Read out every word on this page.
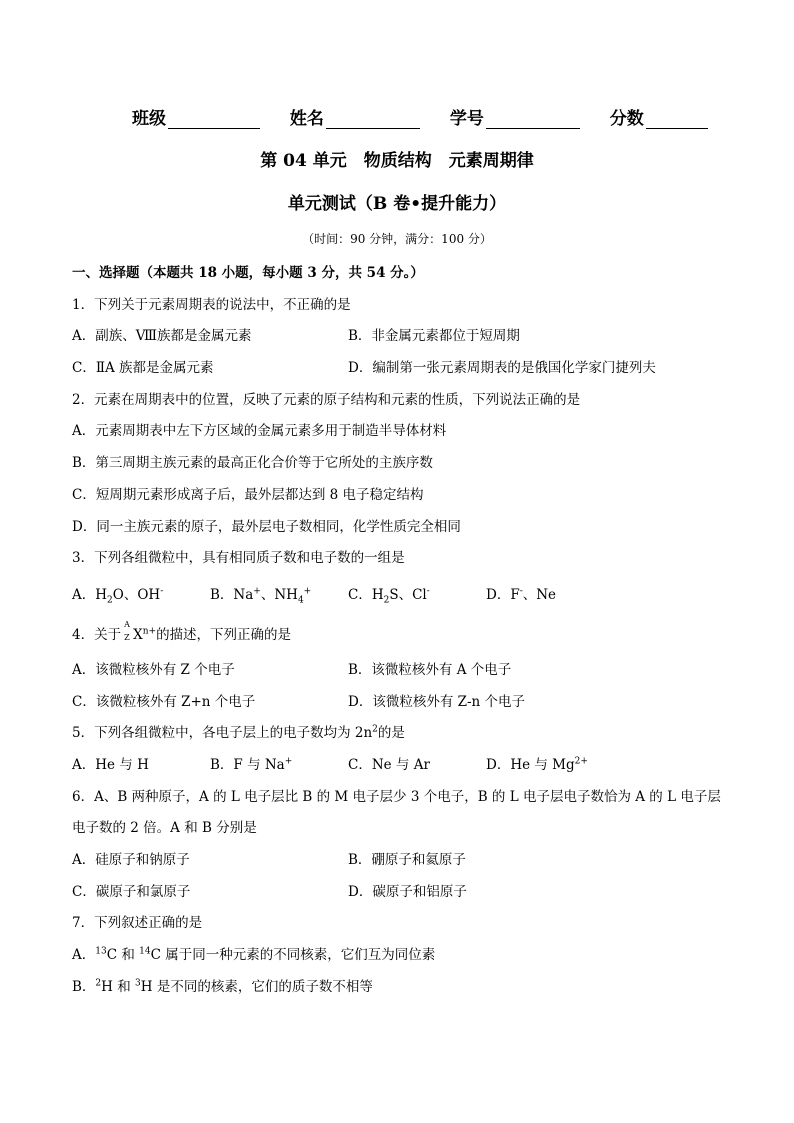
班级	姓名	学号	分数
第 04 单元　物质结构　元素周期律
单元测试（B 卷•提升能力）
（时间：90 分钟，满分：100 分）
一、选择题（本题共 18 小题，每小题 3 分，共 54 分。）
1．下列关于元素周期表的说法中，不正确的是
A．副族、Ⅷ族都是金属元素	B．非金属元素都位于短周期
C．ⅡA 族都是金属元素	D．编制第一张元素周期表的是俄国化学家门捷列夫
2．元素在周期表中的位置，反映了元素的原子结构和元素的性质，下列说法正确的是
A．元素周期表中左下方区域的金属元素多用于制造半导体材料
B．第三周期主族元素的最高正化合价等于它所处的主族序数
C．短周期元素形成离子后，最外层都达到 8 电子稳定结构
D．同一主族元素的原子，最外层电子数相同，化学性质完全相同
3．下列各组微粒中，具有相同质子数和电子数的一组是
A．$H_2O$、OH-	B．Na+、$NH_4^+$	C．$H_2S$、Cl-	D．F-、Ne
4．关于
A
Z $X^{n+}$的描述，下列正确的是
A．该微粒核外有 Z 个电子	B．该微粒核外有 A 个电子
C．该微粒核外有 Z+n 个电子	D．该微粒核外有 Z-n 个电子
5．下列各组微粒中，各电子层上的电子数均为 $2n^2$的是
A．He 与 H	B．F 与 Na+	C．Ne 与 Ar	D．He 与 $Mg^{2+}$
6．A、B 两种原子，A 的 L 电子层比 B 的 M 电子层少 3 个电子，B 的 L 电子层电子数恰为 A 的 L 电子层
电子数的 2 倍。A 和 B 分别是
A．硅原子和钠原子	B．硼原子和氦原子
C．碳原子和氯原子	D．碳原子和铝原子
7．下列叙述正确的是
A．$^{13}$C 和 $^{14}$C 属于同一种元素的不同核素，它们互为同位素
B．$^2$H 和 $^3$H 是不同的核素，它们的质子数不相等
